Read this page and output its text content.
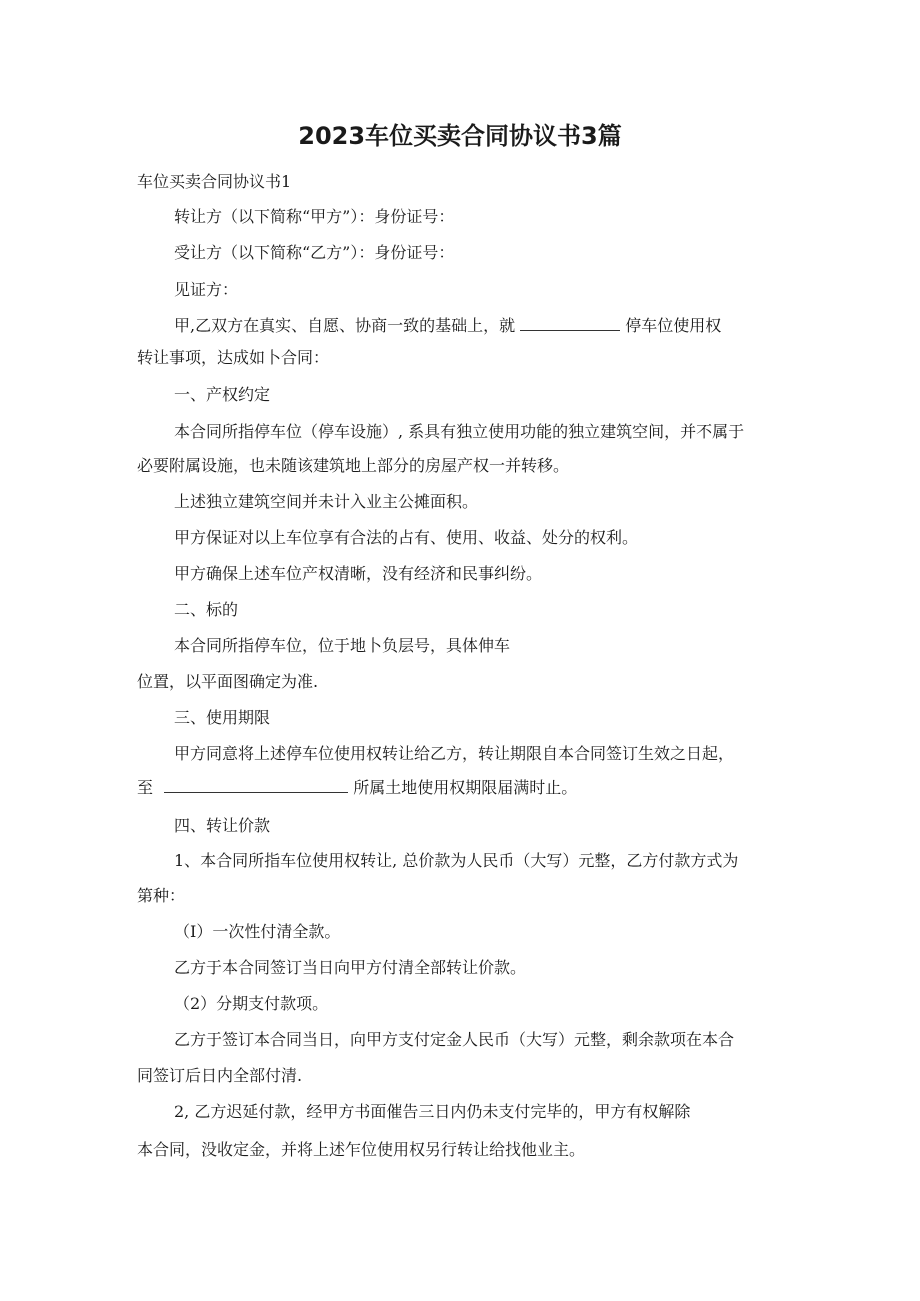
2023车位买卖合同协议书3篇
车位买卖合同协议书1
转让方（以下简称“甲方”）：身份证号：
受让方（以下简称“乙方”）：身份证号：
见证方：
甲,乙双方在真实、自愿、协商一致的基础上，就	停车位使用权
转让事项，达成如卜合同：
一、产权约定
本合同所指停车位（停车设施）, 系具有独立使用功能的独立建筑空间，并不属于
必要附属设施，也未随该建筑地上部分的房屋产权一并转移。
上述独立建筑空间并未计入业主公摊面积。
甲方保证对以上车位享有合法的占有、使用、收益、处分的权利。
甲方确保上述车位产权清晰，没有经济和民事纠纷。
二、标的
本合同所指停车位，位于地卜负层号，具体伸车
位置，以平面图确定为准.
三、使用期限
甲方同意将上述停车位使用权转让给乙方，转让期限自本合同签订生效之日起，
至	所属土地使用权期限届满时止。
四、转让价款
1、本合同所指车位使用权转让, 总价款为人民币（大写）元整，乙方付款方式为
第种：
（I）一次性付清全款。
乙方于本合同签订当日向甲方付清全部转让价款。
（2）分期支付款项。
乙方于签订本合同当日，向甲方支付定金人民币（大写）元整，剩余款项在本合
同签订后日内全部付清.
2, 乙方迟延付款，经甲方书面催告三日内仍未支付完毕的，甲方有权解除
本合同，没收定金，并将上述乍位使用权另行转让给找他业主。
